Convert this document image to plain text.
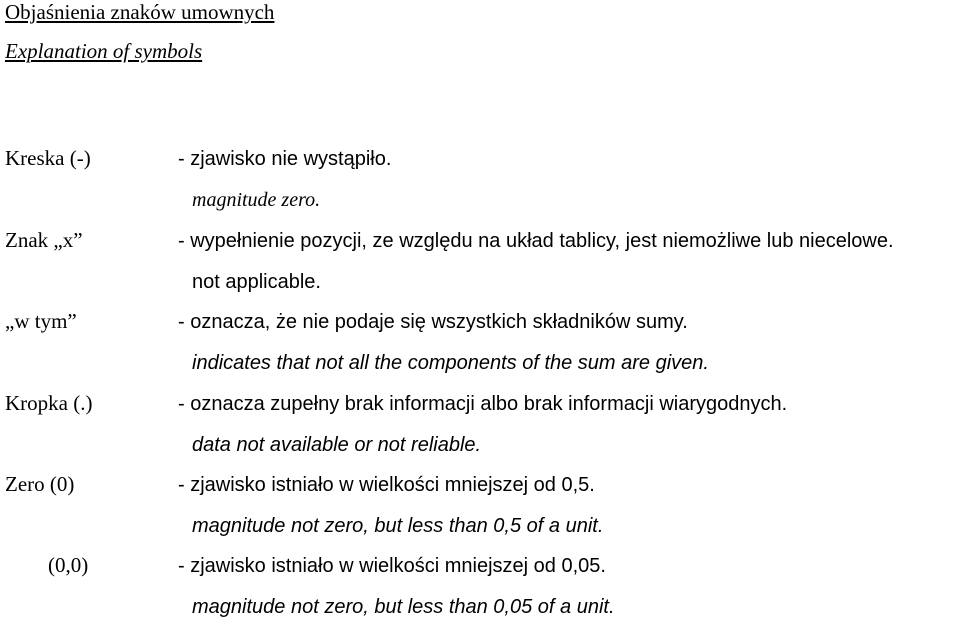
Objaśnienia znaków umownych
Explanation of symbols
Kreska (-)	- zjawisko nie wystąpiło.
magnitude zero.
Znak „x”	- wypełnienie pozycji, ze względu na układ tablicy, jest niemożliwe lub niecelowe.
not applicable.
„w tym”	- oznacza, że nie podaje się wszystkich składników sumy.
indicates that not all the components of the sum are given.
Kropka (.)	- oznacza zupełny brak informacji albo brak informacji wiarygodnych.
data not available or not reliable.
Zero (0)	- zjawisko istniało w wielkości mniejszej od 0,5.
magnitude not zero, but less than 0,5 of a unit.
(0,0)	- zjawisko istniało w wielkości mniejszej od 0,05.
magnitude not zero, but less than 0,05 of a unit.
